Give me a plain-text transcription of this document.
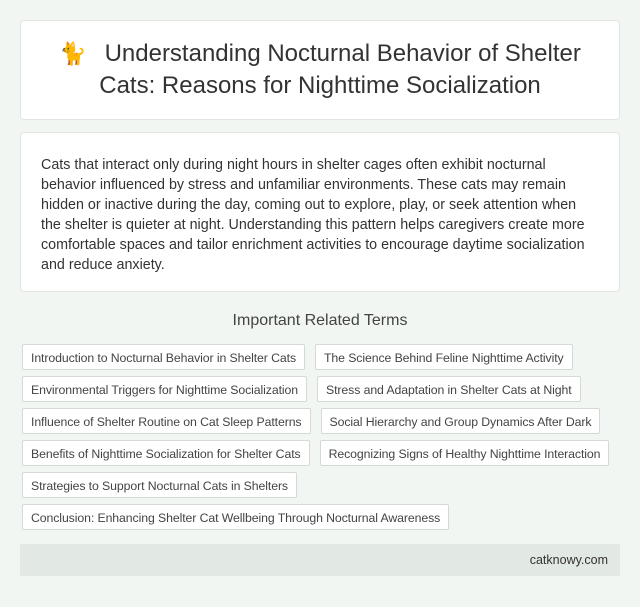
🐈 Understanding Nocturnal Behavior of Shelter Cats: Reasons for Nighttime Socialization

Cats that interact only during night hours in shelter cages often exhibit nocturnal behavior influenced by stress and unfamiliar environments. These cats may remain hidden or inactive during the day, coming out to explore, play, or seek attention when the shelter is quieter at night. Understanding this pattern helps caregivers create more comfortable spaces and tailor enrichment activities to encourage daytime socialization and reduce anxiety.

Important Related Terms
Introduction to Nocturnal Behavior in Shelter Cats	The Science Behind Feline Nighttime Activity
Environmental Triggers for Nighttime Socialization	Stress and Adaptation in Shelter Cats at Night
Influence of Shelter Routine on Cat Sleep Patterns	Social Hierarchy and Group Dynamics After Dark
Benefits of Nighttime Socialization for Shelter Cats	Recognizing Signs of Healthy Nighttime Interaction
Strategies to Support Nocturnal Cats in Shelters
Conclusion: Enhancing Shelter Cat Wellbeing Through Nocturnal Awareness
catknowy.com
